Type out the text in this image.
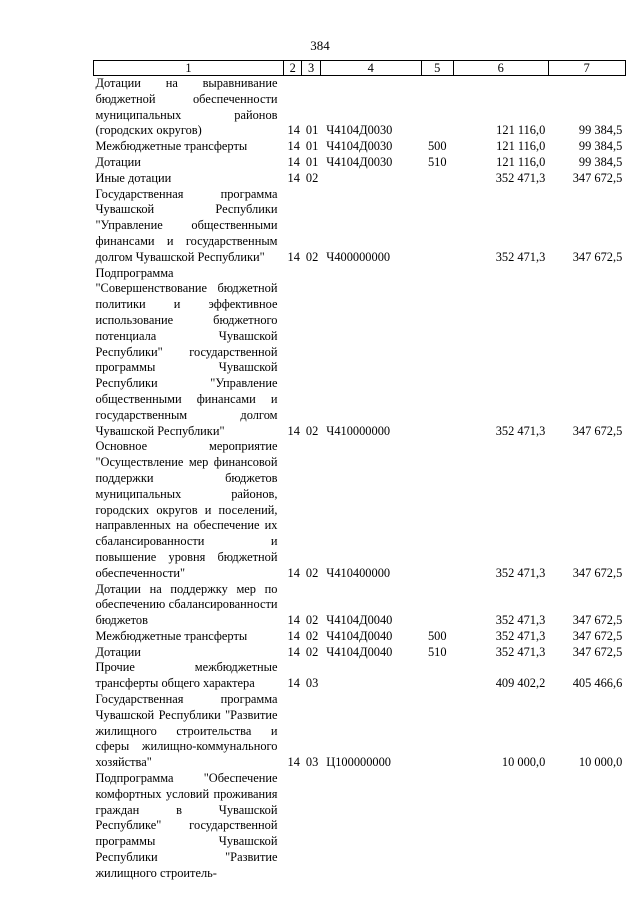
384
1	2	3	4	5	6	7
Дотации на выравнивание бюджетной обеспеченности муниципальных районов (городских округов)	14	01	Ч4104Д0030		121 116,0	99 384,5
Межбюджетные трансферты	14	01	Ч4104Д0030	500	121 116,0	99 384,5
Дотации	14	01	Ч4104Д0030	510	121 116,0	99 384,5
Иные дотации	14	02			352 471,3	347 672,5
Государственная программа Чувашской Республики "Управление общественными финансами и государственным долгом Чувашской Республики"	14	02	Ч400000000		352 471,3	347 672,5
Подпрограмма "Совершенствование бюджетной политики и эффективное использование бюджетного потенциала Чувашской Республики" государственной программы Чувашской Республики "Управление общественными финансами и государственным долгом Чувашской Республики"	14	02	Ч410000000		352 471,3	347 672,5
Основное мероприятие "Осуществление мер финансовой поддержки бюджетов муниципальных районов, городских округов и поселений, направленных на обеспечение их сбалансированности и повышение уровня бюджетной обеспеченности"	14	02	Ч410400000		352 471,3	347 672,5
Дотации на поддержку мер по обеспечению сбалансированности бюджетов	14	02	Ч4104Д0040		352 471,3	347 672,5
Межбюджетные трансферты	14	02	Ч4104Д0040	500	352 471,3	347 672,5
Дотации	14	02	Ч4104Д0040	510	352 471,3	347 672,5
Прочие межбюджетные трансферты общего характера	14	03			409 402,2	405 466,6
Государственная программа Чувашской Республики "Развитие жилищного строительства и сферы жилищно-коммунального хозяйства"	14	03	Ц100000000		10 000,0	10 000,0
Подпрограмма "Обеспечение комфортных условий проживания граждан в Чувашской Республике" государственной программы Чувашской Республики "Развитие жилищного строитель-						
